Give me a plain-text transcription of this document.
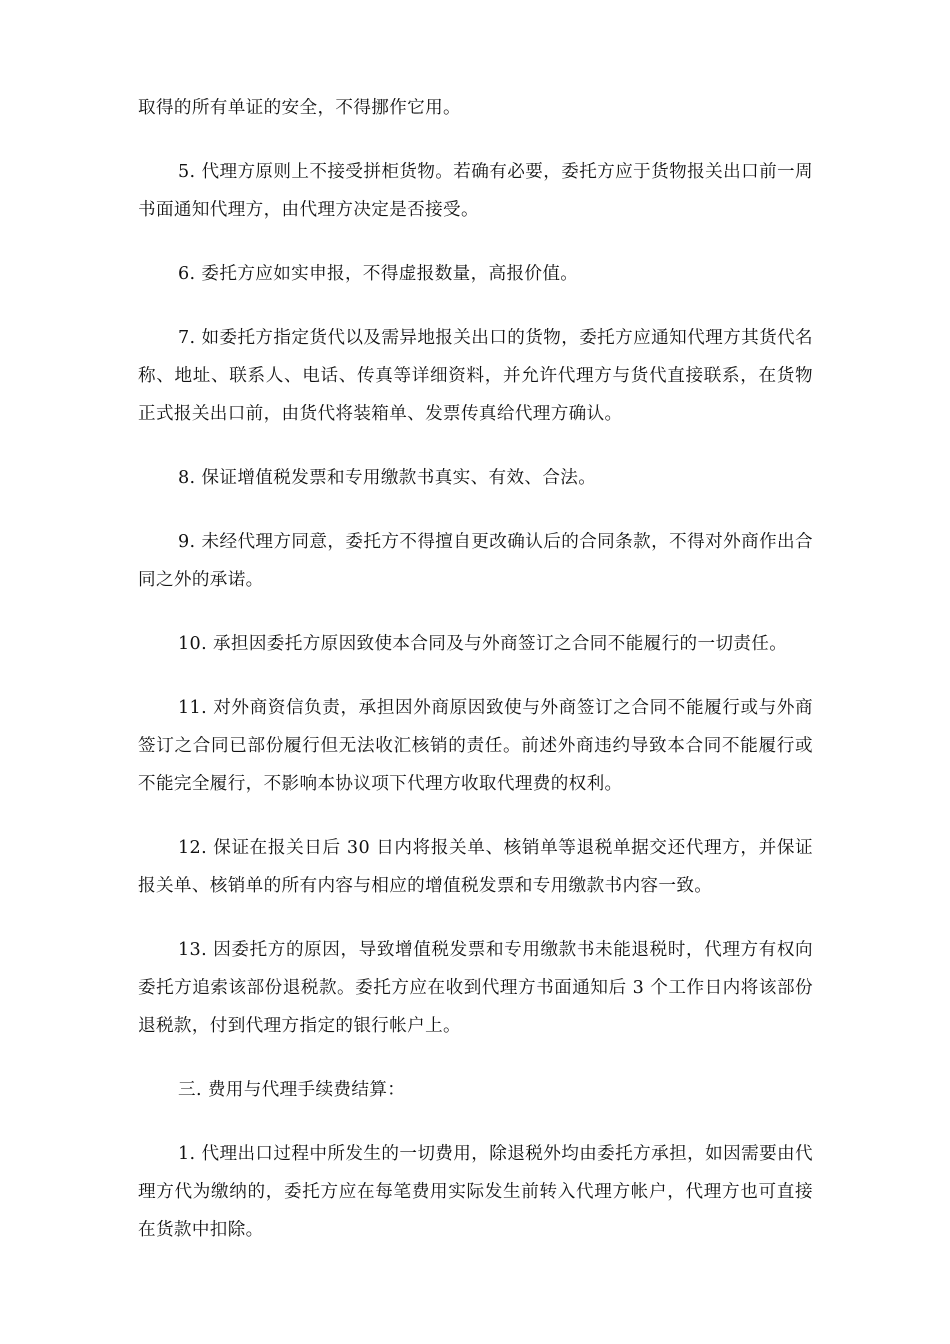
取得的所有单证的安全，不得挪作它用。

5. 代理方原则上不接受拼柜货物。若确有必要，委托方应于货物报关出口前一周书面通知代理方，由代理方决定是否接受。

6. 委托方应如实申报，不得虚报数量，高报价值。

7. 如委托方指定货代以及需异地报关出口的货物，委托方应通知代理方其货代名称、地址、联系人、电话、传真等详细资料，并允许代理方与货代直接联系，在货物正式报关出口前，由货代将装箱单、发票传真给代理方确认。

8. 保证增值税发票和专用缴款书真实、有效、合法。

9. 未经代理方同意，委托方不得擅自更改确认后的合同条款，不得对外商作出合同之外的承诺。

10. 承担因委托方原因致使本合同及与外商签订之合同不能履行的一切责任。

11. 对外商资信负责，承担因外商原因致使与外商签订之合同不能履行或与外商签订之合同已部份履行但无法收汇核销的责任。前述外商违约导致本合同不能履行或不能完全履行，不影响本协议项下代理方收取代理费的权利。

12. 保证在报关日后 30 日内将报关单、核销单等退税单据交还代理方，并保证报关单、核销单的所有内容与相应的增值税发票和专用缴款书内容一致。

13. 因委托方的原因，导致增值税发票和专用缴款书未能退税时，代理方有权向委托方追索该部份退税款。委托方应在收到代理方书面通知后 3 个工作日内将该部份退税款，付到代理方指定的银行帐户上。

三. 费用与代理手续费结算：

1. 代理出口过程中所发生的一切费用，除退税外均由委托方承担，如因需要由代理方代为缴纳的，委托方应在每笔费用实际发生前转入代理方帐户，代理方也可直接在货款中扣除。
